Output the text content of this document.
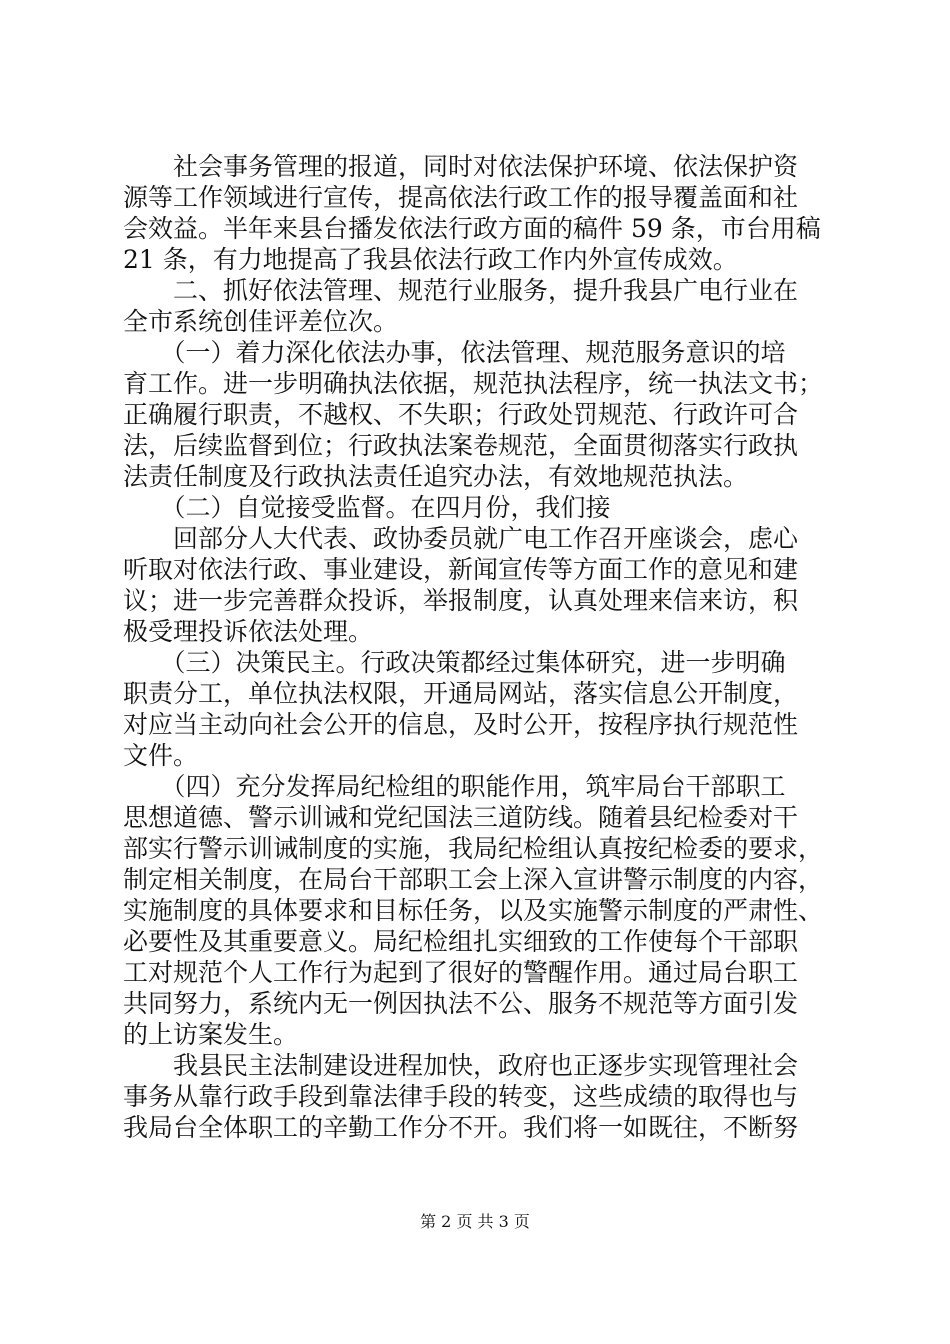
　　社会事务管理的报道，同时对依法保护环境、依法保护资

源等工作领域进行宣传，提高依法行政工作的报导覆盖面和社

会效益。半年来县台播发依法行政方面的稿件 59 条，市台用稿

21 条，有力地提高了我县依法行政工作内外宣传成效。

　　二、抓好依法管理、规范行业服务，提升我县广电行业在

全市系统创佳评差位次。

　　（一）着力深化依法办事，依法管理、规范服务意识的培

育工作。进一步明确执法依据，规范执法程序，统一执法文书；

正确履行职责，不越权、不失职；行政处罚规范、行政许可合

法，后续监督到位；行政执法案卷规范，全面贯彻落实行政执

法责任制度及行政执法责任追究办法，有效地规范执法。

　　（二）自觉接受监督。在四月份，我们接

　　回部分人大代表、政协委员就广电工作召开座谈会，虑心

听取对依法行政、事业建设，新闻宣传等方面工作的意见和建

议；进一步完善群众投诉，举报制度，认真处理来信来访，积

极受理投诉依法处理。

　　（三）决策民主。行政决策都经过集体研究，进一步明确

职责分工，单位执法权限，开通局网站，落实信息公开制度，

对应当主动向社会公开的信息，及时公开，按程序执行规范性

文件。

　　（四）充分发挥局纪检组的职能作用，筑牢局台干部职工

思想道德、警示训诫和党纪国法三道防线。随着县纪检委对干

部实行警示训诫制度的实施，我局纪检组认真按纪检委的要求，

制定相关制度，在局台干部职工会上深入宣讲警示制度的内容，

实施制度的具体要求和目标任务，以及实施警示制度的严肃性、

必要性及其重要意义。局纪检组扎实细致的工作使每个干部职

工对规范个人工作行为起到了很好的警醒作用。通过局台职工

共同努力，系统内无一例因执法不公、服务不规范等方面引发

的上访案发生。

　　我县民主法制建设进程加快，政府也正逐步实现管理社会

事务从靠行政手段到靠法律手段的转变，这些成绩的取得也与

我局台全体职工的辛勤工作分不开。我们将一如既往，不断努

第 2 页 共 3 页
